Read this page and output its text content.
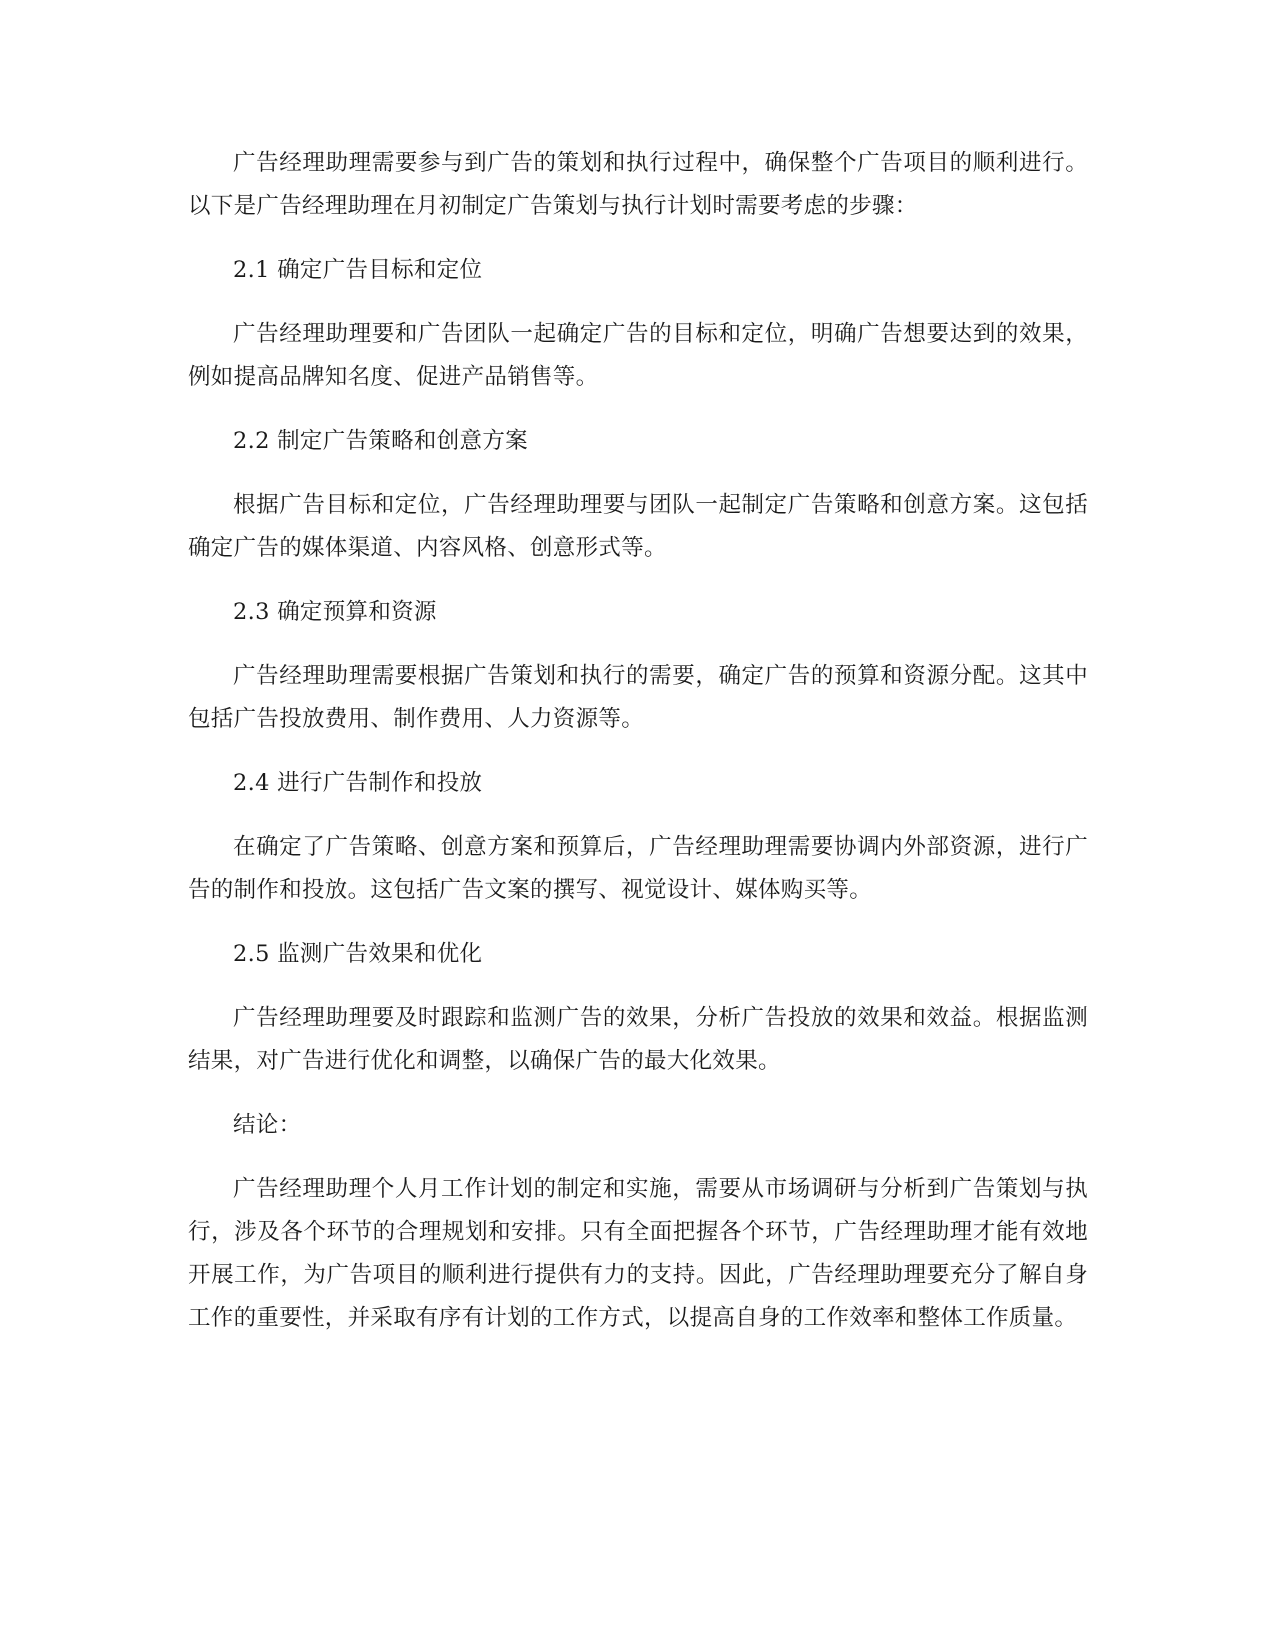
广告经理助理需要参与到广告的策划和执行过程中，确保整个广告项目的顺利进行。以下是广告经理助理在月初制定广告策划与执行计划时需要考虑的步骤：

2.1 确定广告目标和定位

广告经理助理要和广告团队一起确定广告的目标和定位，明确广告想要达到的效果，例如提高品牌知名度、促进产品销售等。

2.2 制定广告策略和创意方案

根据广告目标和定位，广告经理助理要与团队一起制定广告策略和创意方案。这包括确定广告的媒体渠道、内容风格、创意形式等。

2.3 确定预算和资源

广告经理助理需要根据广告策划和执行的需要，确定广告的预算和资源分配。这其中包括广告投放费用、制作费用、人力资源等。

2.4 进行广告制作和投放

在确定了广告策略、创意方案和预算后，广告经理助理需要协调内外部资源，进行广告的制作和投放。这包括广告文案的撰写、视觉设计、媒体购买等。

2.5 监测广告效果和优化

广告经理助理要及时跟踪和监测广告的效果，分析广告投放的效果和效益。根据监测结果，对广告进行优化和调整，以确保广告的最大化效果。

结论：

广告经理助理个人月工作计划的制定和实施，需要从市场调研与分析到广告策划与执行，涉及各个环节的合理规划和安排。只有全面把握各个环节，广告经理助理才能有效地开展工作，为广告项目的顺利进行提供有力的支持。因此，广告经理助理要充分了解自身工作的重要性，并采取有序有计划的工作方式，以提高自身的工作效率和整体工作质量。
